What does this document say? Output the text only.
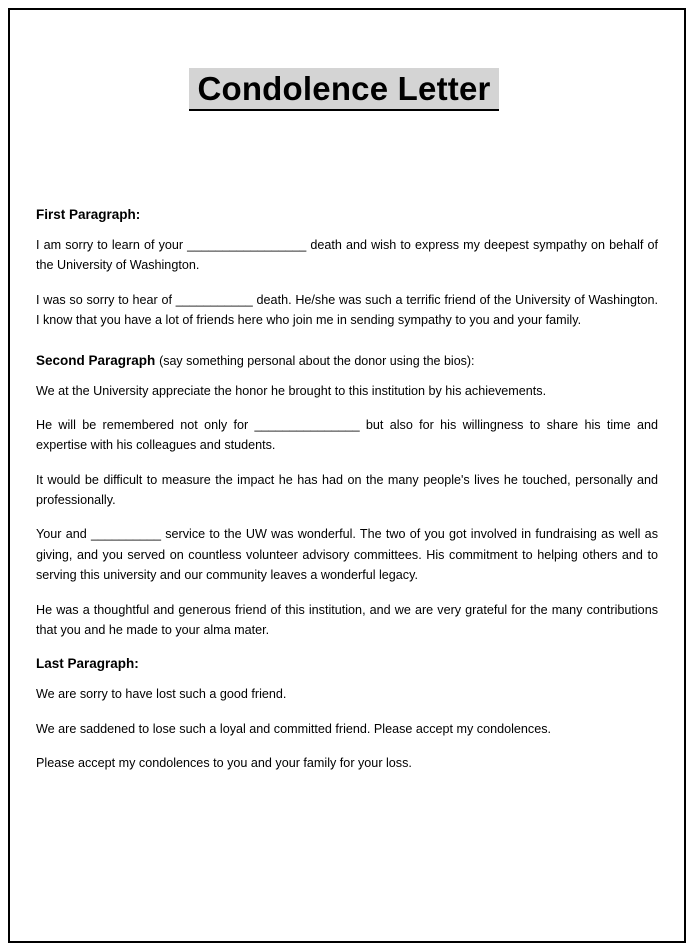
Condolence Letter
First Paragraph:

I am sorry to learn of your _________________ death and wish to express my deepest sympathy on behalf of the University of Washington.

I was so sorry to hear of ___________ death. He/she was such a terrific friend of the University of Washington. I know that you have a lot of friends here who join me in sending sympathy to you and your family.

Second Paragraph (say something personal about the donor using the bios):

We at the University appreciate the honor he brought to this institution by his achievements.

He will be remembered not only for _______________ but also for his willingness to share his time and expertise with his colleagues and students.

It would be difficult to measure the impact he has had on the many people's lives he touched, personally and professionally.

Your and __________ service to the UW was wonderful. The two of you got involved in fundraising as well as giving, and you served on countless volunteer advisory committees. His commitment to helping others and to serving this university and our community leaves a wonderful legacy.

He was a thoughtful and generous friend of this institution, and we are very grateful for the many contributions that you and he made to your alma mater.

Last Paragraph:

We are sorry to have lost such a good friend.

We are saddened to lose such a loyal and committed friend. Please accept my condolences.

Please accept my condolences to you and your family for your loss.
